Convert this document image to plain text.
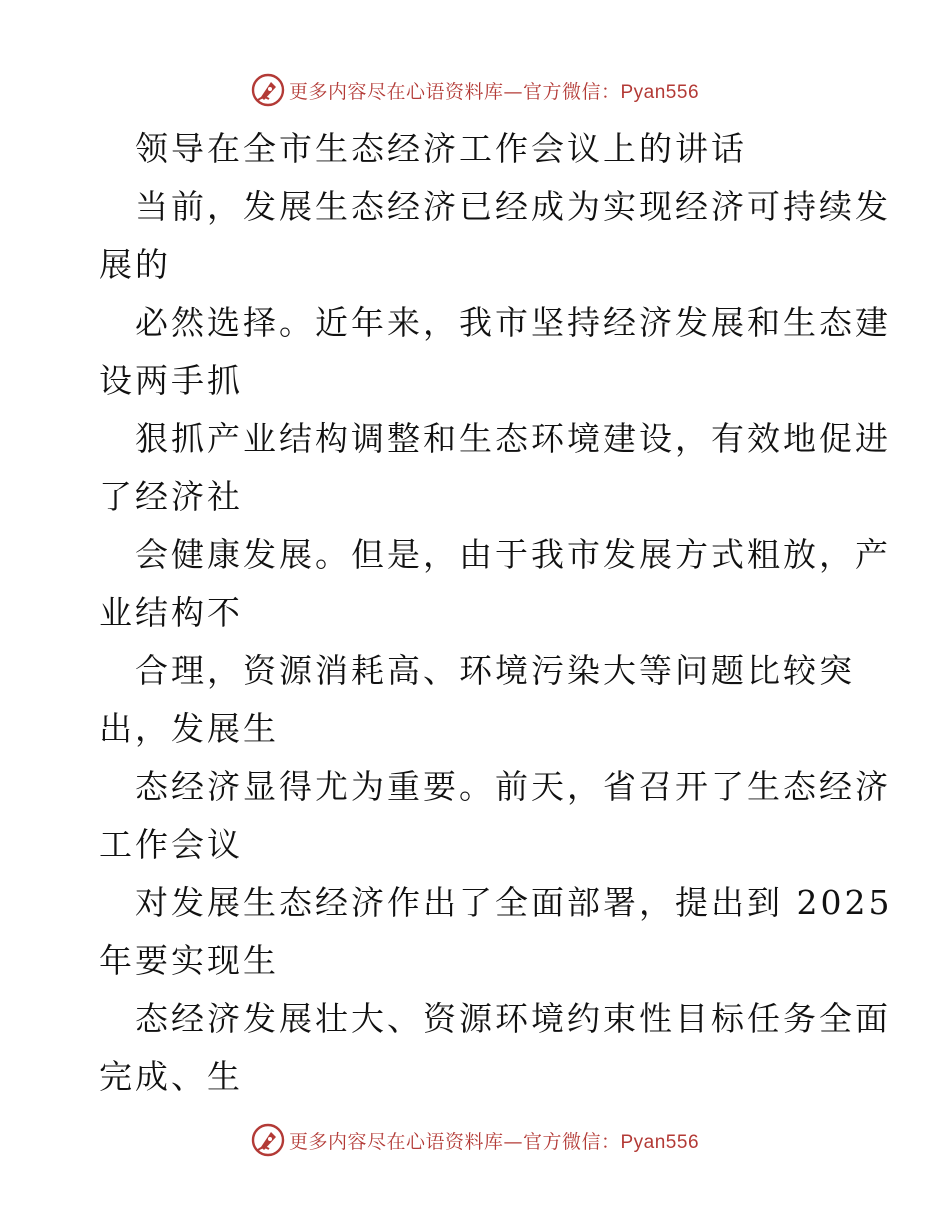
更多内容尽在心语资料库—官方微信：Pyan556

领导在全市生态经济工作会议上的讲话

当前，发展生态经济已经成为实现经济可持续发

展的

必然选择。近年来，我市坚持经济发展和生态建

设两手抓

狠抓产业结构调整和生态环境建设，有效地促进

了经济社

会健康发展。但是，由于我市发展方式粗放，产

业结构不

合理，资源消耗高、环境污染大等问题比较突

出，发展生

态经济显得尤为重要。前天，省召开了生态经济

工作会议

对发展生态经济作出了全面部署，提出到 2025

年要实现生

态经济发展壮大、资源环境约束性目标任务全面

完成、生

更多内容尽在心语资料库—官方微信：Pyan556
